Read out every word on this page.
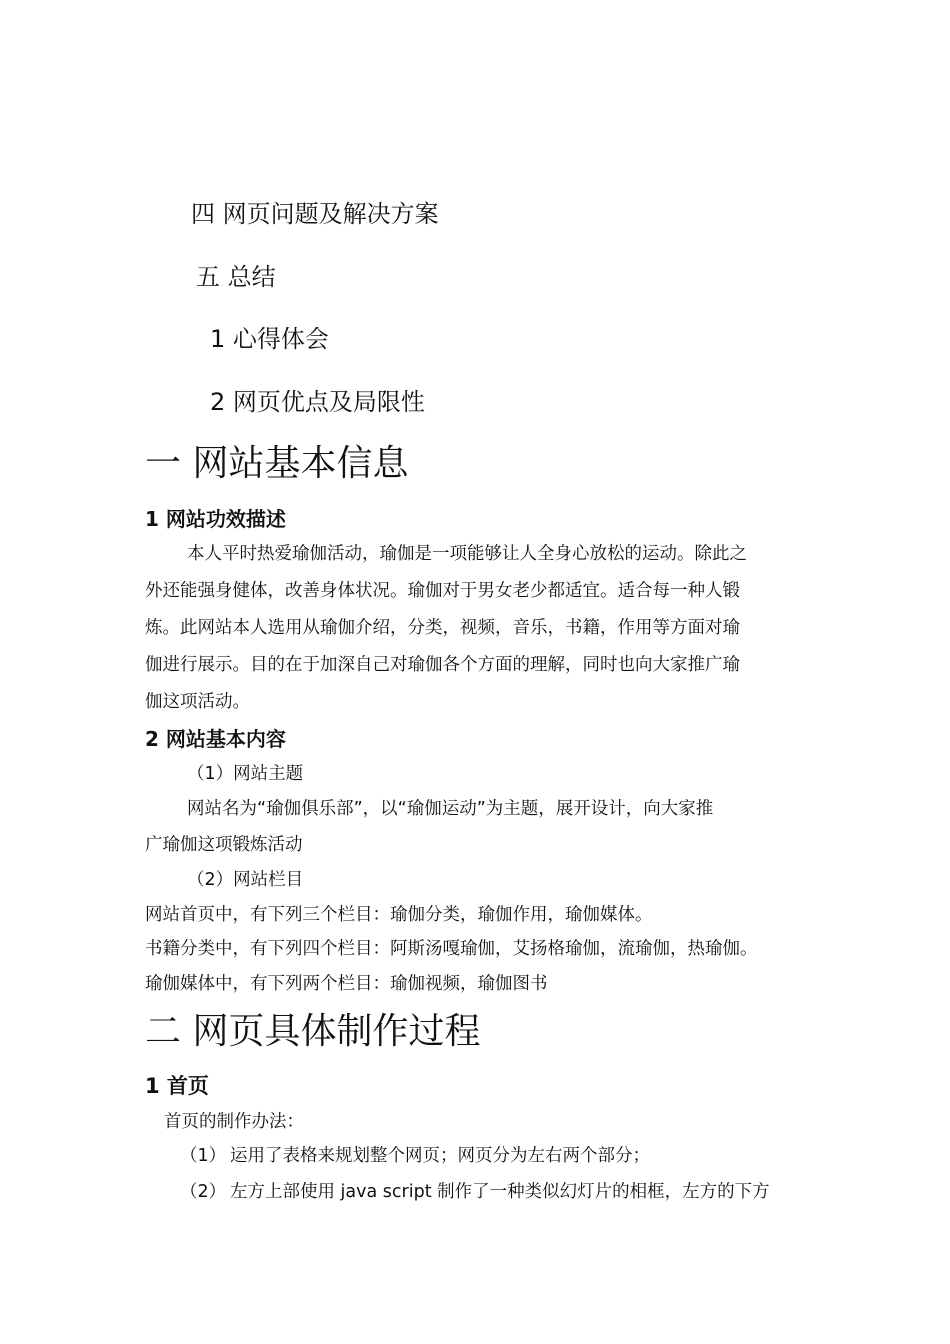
四 网页问题及解决方案
五 总结
1 心得体会
2 网页优点及局限性
一 网站基本信息
1 网站功效描述
本人平时热爱瑜伽活动，瑜伽是一项能够让人全身心放松的运动。除此之
外还能强身健体，改善身体状况。瑜伽对于男女老少都适宜。适合每一种人锻
炼。此网站本人选用从瑜伽介绍，分类，视频，音乐，书籍，作用等方面对瑜
伽进行展示。目的在于加深自己对瑜伽各个方面的理解，同时也向大家推广瑜
伽这项活动。
2 网站基本内容
（1）网站主题
网站名为“瑜伽俱乐部”，以“瑜伽运动”为主题，展开设计，向大家推
广瑜伽这项锻炼活动
（2）网站栏目
网站首页中，有下列三个栏目：瑜伽分类，瑜伽作用，瑜伽媒体。
书籍分类中，有下列四个栏目：阿斯汤嘎瑜伽，艾扬格瑜伽，流瑜伽，热瑜伽。
瑜伽媒体中，有下列两个栏目：瑜伽视频，瑜伽图书
二 网页具体制作过程
1 首页
首页的制作办法：
（1） 运用了表格来规划整个网页；网页分为左右两个部分；
（2） 左方上部使用 java script 制作了一种类似幻灯片的相框，左方的下方
